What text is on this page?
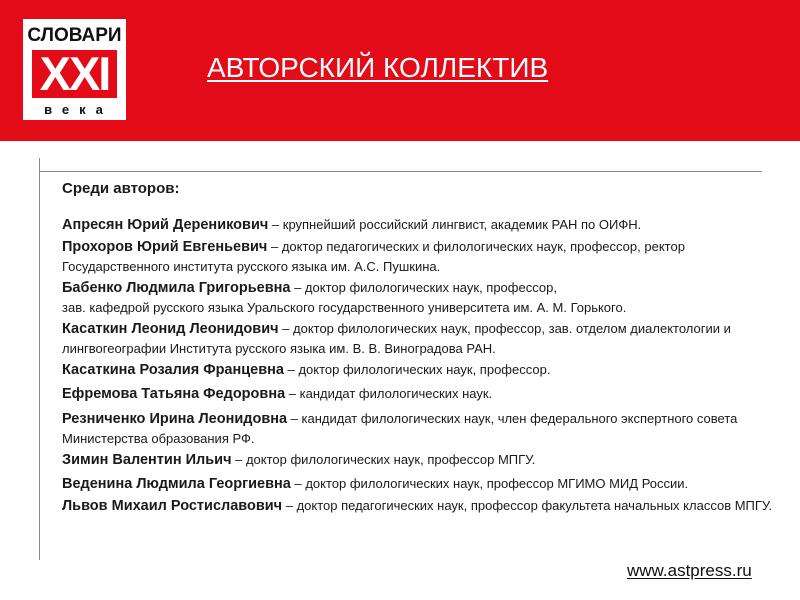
СЛОВАРИ
XXI
века
АВТОРСКИЙ КОЛЛЕКТИВ
Среди авторов:
Апресян Юрий Дереникович – крупнейший российский лингвист, академик РАН по ОИФН.
Прохоров Юрий Евгеньевич – доктор педагогических и филологических наук, профессор, ректор Государственного института русского языка им. А.С. Пушкина.
Бабенко Людмила Григорьевна – доктор филологических наук, профессор,
зав. кафедрой русского языка Уральского государственного университета им. А. М. Горького.
Касаткин Леонид Леонидович – доктор филологических наук, профессор, зав. отделом диалектологии и лингвогеографии Института русского языка им. В. В. Виноградова РАН.
Касаткина Розалия Францевна – доктор филологических наук, профессор.
Ефремова Татьяна Федоровна – кандидат филологических наук.
Резниченко Ирина Леонидовна – кандидат филологических наук, член федерального экспертного совета Министерства образования РФ.
Зимин Валентин Ильич – доктор филологических наук, профессор МПГУ.
Веденина Людмила Георгиевна – доктор филологических наук, профессор МГИМО МИД России.
Львов Михаил Ростиславович – доктор педагогических наук, профессор факультета начальных классов МПГУ.
www.astpress.ru
